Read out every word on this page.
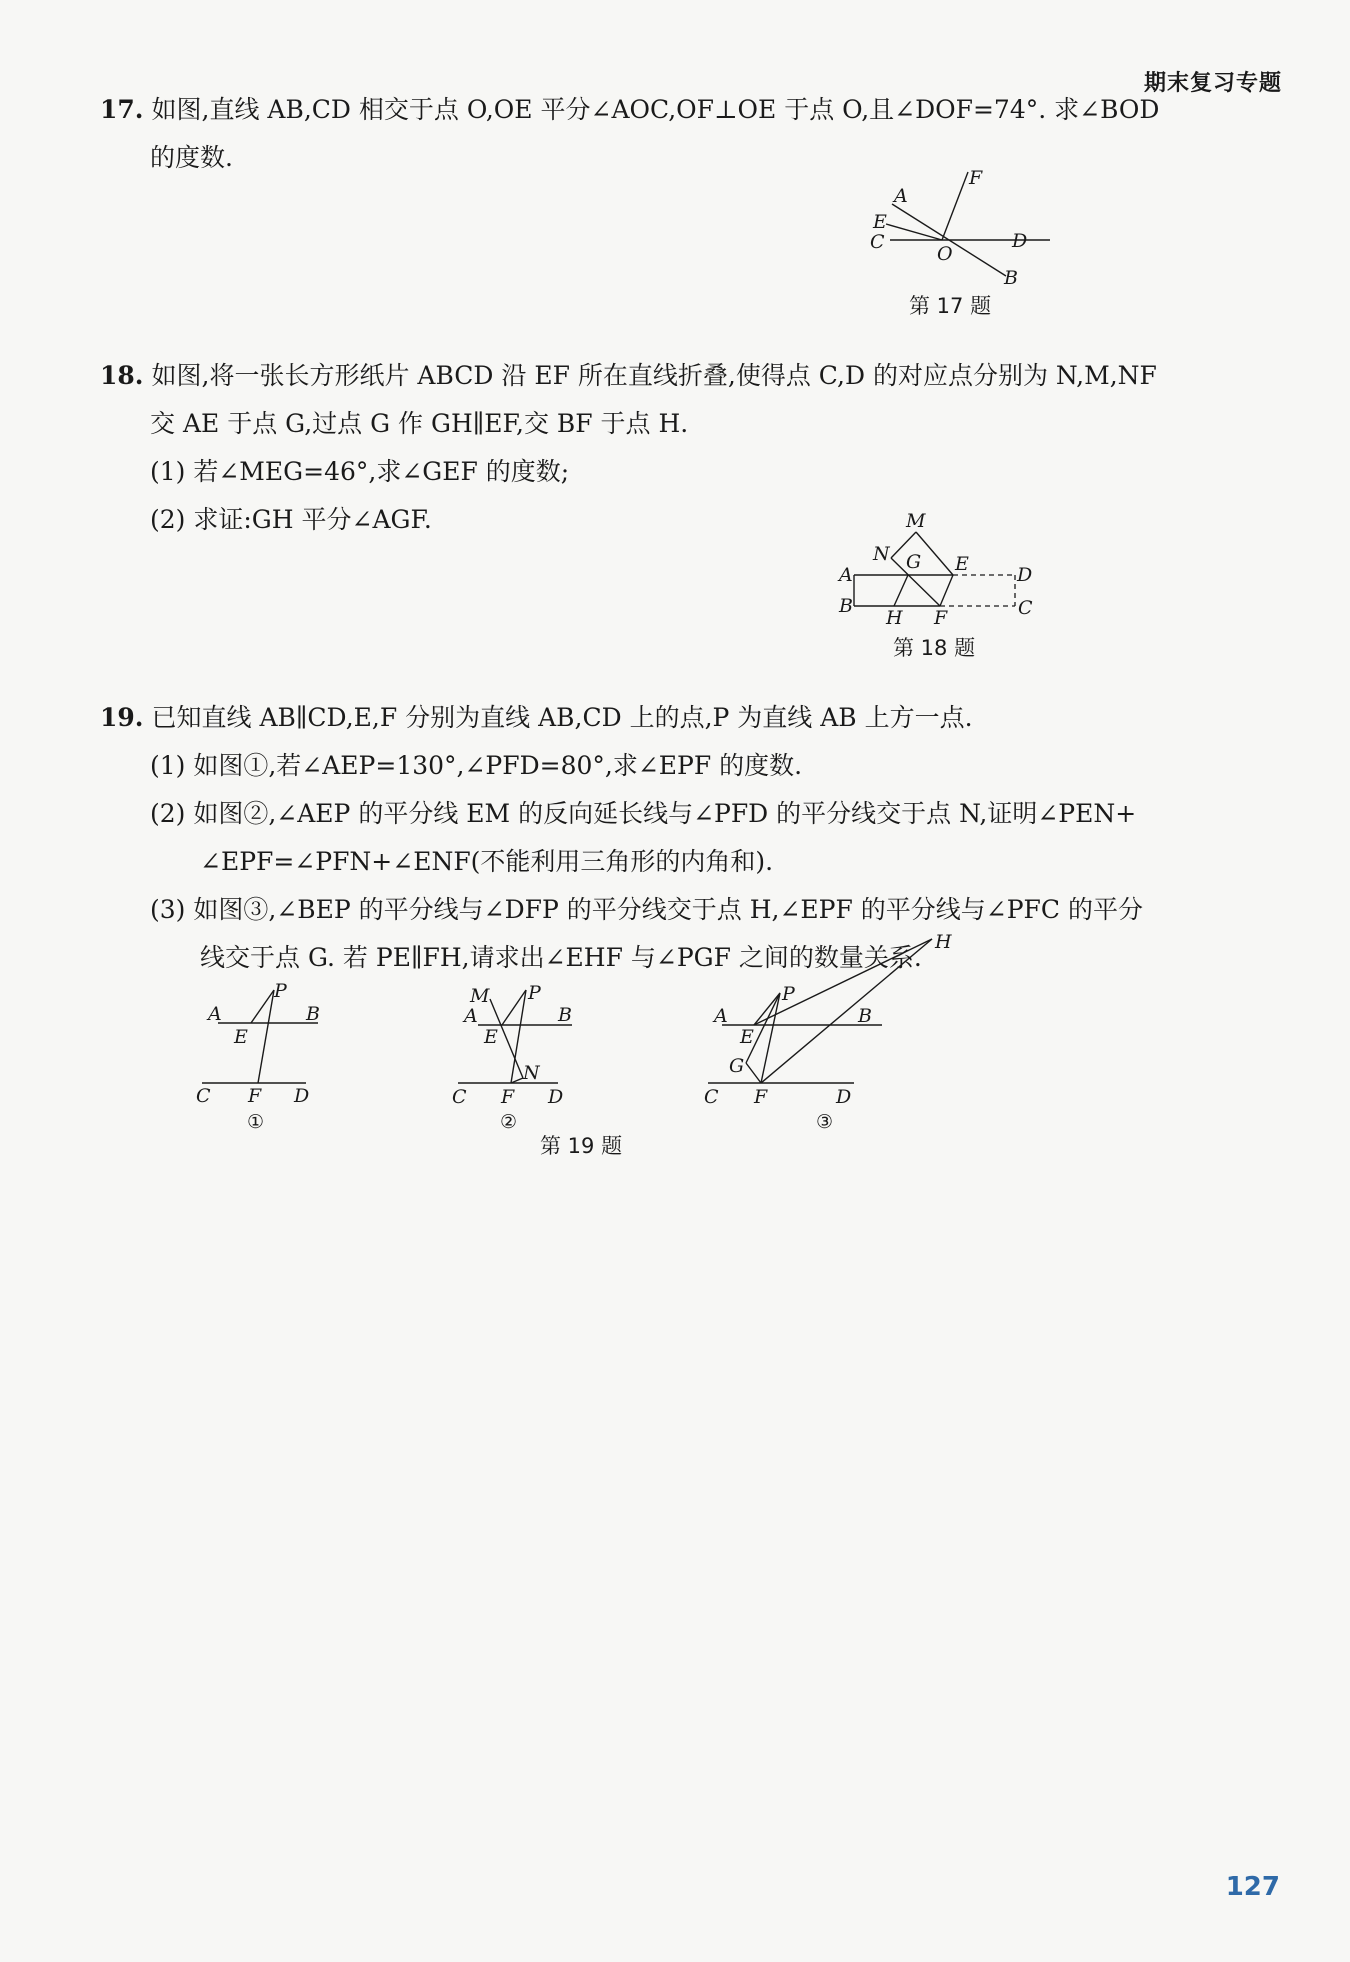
期末复习专题
17. 如图,直线 AB,CD 相交于点 O,OE 平分∠AOC,OF⊥OE 于点 O,且∠DOF=74°. 求∠BOD
的度数.
A
B
C	D
E
F
O
第 17 题
18. 如图,将一张长方形纸片 ABCD 沿 EF 所在直线折叠,使得点 C,D 的对应点分别为 N,M,NF
交 AE 于点 G,过点 G 作 GH∥EF,交 BF 于点 H.
(1) 若∠MEG=46°,求∠GEF 的度数;
(2) 求证:GH 平分∠AGF.	M
N G E
A	D
B
H F	C
第 18 题
19. 已知直线 AB∥CD,E,F 分别为直线 AB,CD 上的点,P 为直线 AB 上方一点.
(1) 如图①,若∠AEP=130°,∠PFD=80°,求∠EPF 的度数.
(2) 如图②,∠AEP 的平分线 EM 的反向延长线与∠PFD 的平分线交于点 N,证明∠PEN+
∠EPF=∠PFN+∠ENF(不能利用三角形的内角和).
(3) 如图③,∠BEP 的平分线与∠DFP 的平分线交于点 H,∠EPF 的平分线与∠PFC 的平分
线交于点 G. 若 PE∥FH,请求出∠EHF 与∠PGF 之间的数量关系.
P
A	B
E
C F D
①
M P
A	B
E
N
C F D
②
H
P
A	B
E
G
C F	D
③
第 19 题
127
